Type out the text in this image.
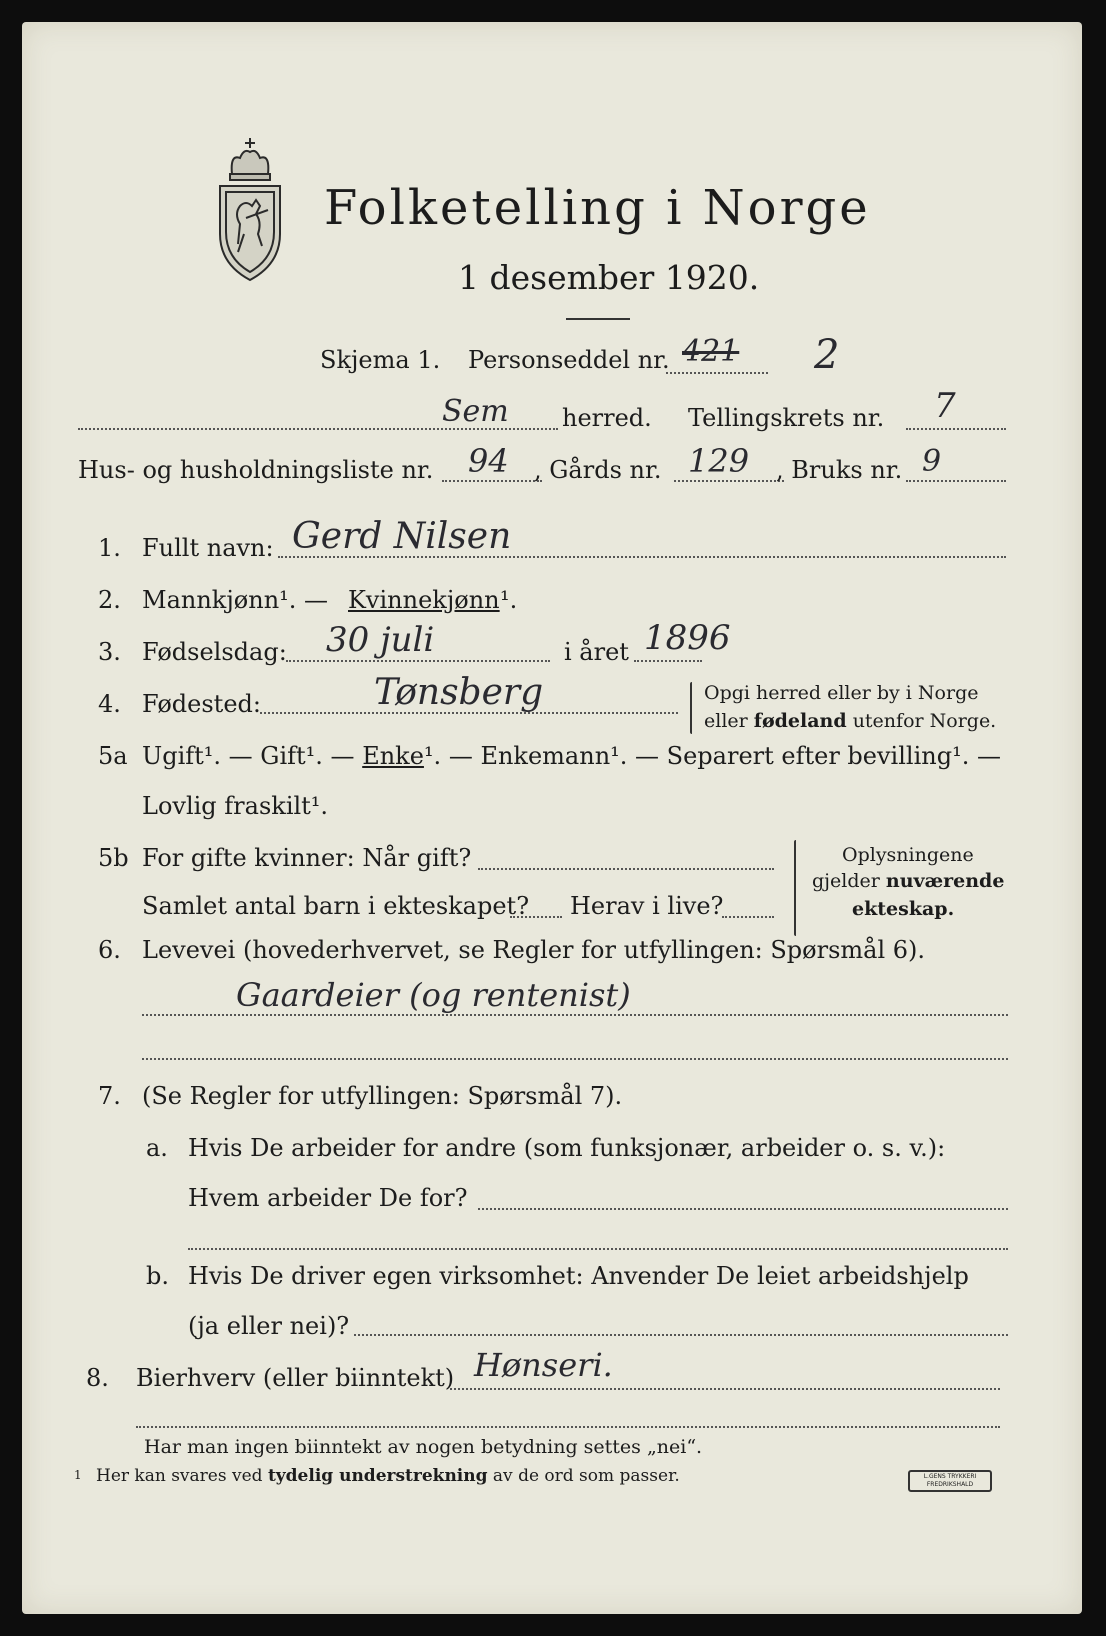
Folketelling i Norge
1 desember 1920.
Skjema 1. Personseddel nr. 421 2
Sem herred. Tellingskrets nr. 7
Hus- og husholdningsliste nr. 94 , Gårds nr. 129 , Bruks nr. 9
1. Fullt navn: Gerd Nilsen
2. Mannkjønn¹. — Kvinnekjønn ¹.
3. Fødselsdag: 30 juli	i året 1896
4. Fødested:	Tønsberg	Opgi herred eller by i Norge
eller fødeland utenfor Norge.
5a Ugift¹. — Gift¹. — Enke¹. — Enkemann¹. — Separert efter bevilling¹. —
Lovlig fraskilt¹.
5b For gifte kvinner: Når gift?
Samlet antal barn i ekteskapet? Herav i live?
Oplysningene
gjelder nuværende
ekteskap.
6. Levevei (hovederhvervet, se Regler for utfyllingen: Spørsmål 6).
Gaardeier (og rentenist)
7. (Se Regler for utfyllingen: Spørsmål 7).
a. Hvis De arbeider for andre (som funksjonær, arbeider o. s. v.):
Hvem arbeider De for?
b. Hvis De driver egen virksomhet: Anvender De leiet arbeidshjelp
(ja eller nei)?
8. Bierhverv (eller biinntekt) Hønseri.
Har man ingen biinntekt av nogen betydning settes „nei“.
1 Her kan svares ved tydelig understrekning av de ord som passer.	L.GENS TRYKKERI
FREDRIKSHALD
